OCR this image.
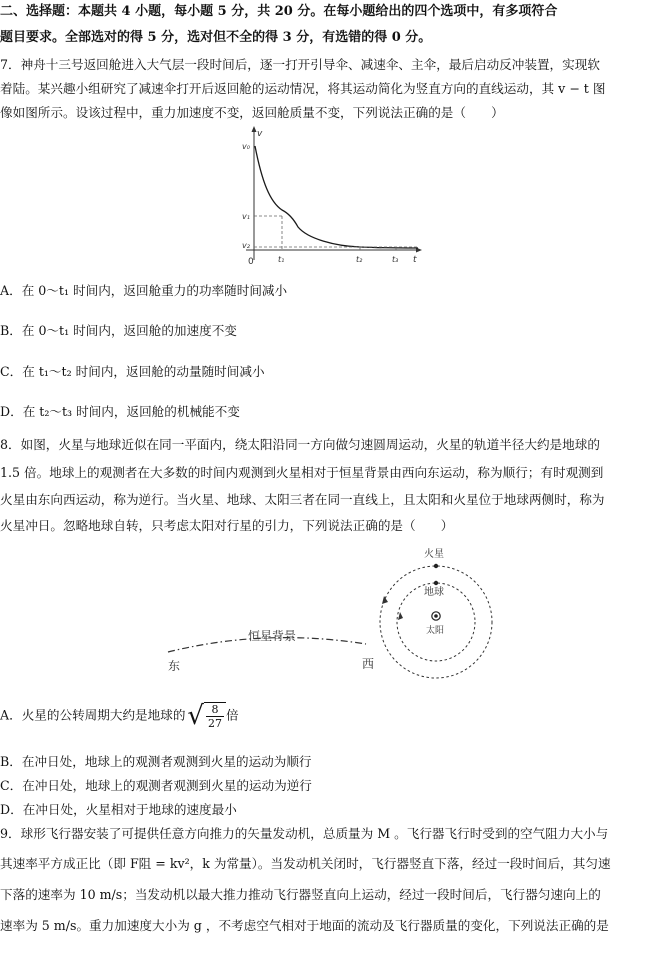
二、选择题：本题共 4 小题，每小题 5 分，共 20 分。在每小题给出的四个选项中，有多项符合
题目要求。全部选对的得 5 分，选对但不全的得 3 分，有选错的得 0 分。
7．神舟十三号返回舱进入大气层一段时间后，逐一打开引导伞、减速伞、主伞，最后启动反冲装置，实现软
着陆。某兴趣小组研究了减速伞打开后返回舱的运动情况，将其运动简化为竖直方向的直线运动，其 v − t 图
像如图所示。设该过程中，重力加速度不变，返回舱质量不变，下列说法正确的是（　　）
v
v₀
v₁
v₂
0	t₁	t₂	t₃ t
A．在 0～t₁ 时间内，返回舱重力的功率随时间减小
B．在 0～t₁ 时间内，返回舱的加速度不变
C．在 t₁～t₂ 时间内，返回舱的动量随时间减小
D．在 t₂～t₃ 时间内，返回舱的机械能不变
8．如图，火星与地球近似在同一平面内，绕太阳沿同一方向做匀速圆周运动，火星的轨道半径大约是地球的
1.5 倍。地球上的观测者在大多数的时间内观测到火星相对于恒星背景由西向东运动，称为顺行；有时观测到
火星由东向西运动，称为逆行。当火星、地球、太阳三者在同一直线上，且太阳和火星位于地球两侧时，称为
火星冲日。忽略地球自转，只考虑太阳对行星的引力，下列说法正确的是（　　）
恒星背景
东	西
火星
地球
太阳
A．火星的公转周期大约是地球的√ $\frac{8}{27}$ 倍
B．在冲日处，地球上的观测者观测到火星的运动为顺行
C．在冲日处，地球上的观测者观测到火星的运动为逆行
D．在冲日处，火星相对于地球的速度最小
9．球形飞行器安装了可提供任意方向推力的矢量发动机，总质量为 M 。飞行器飞行时受到的空气阻力大小与
其速率平方成正比（即 F阻 = kv²，k 为常量）。当发动机关闭时，飞行器竖直下落，经过一段时间后，其匀速
下落的速率为 10 m/s；当发动机以最大推力推动飞行器竖直向上运动，经过一段时间后，飞行器匀速向上的
速率为 5 m/s。重力加速度大小为 g ，不考虑空气相对于地面的流动及飞行器质量的变化，下列说法正确的是
